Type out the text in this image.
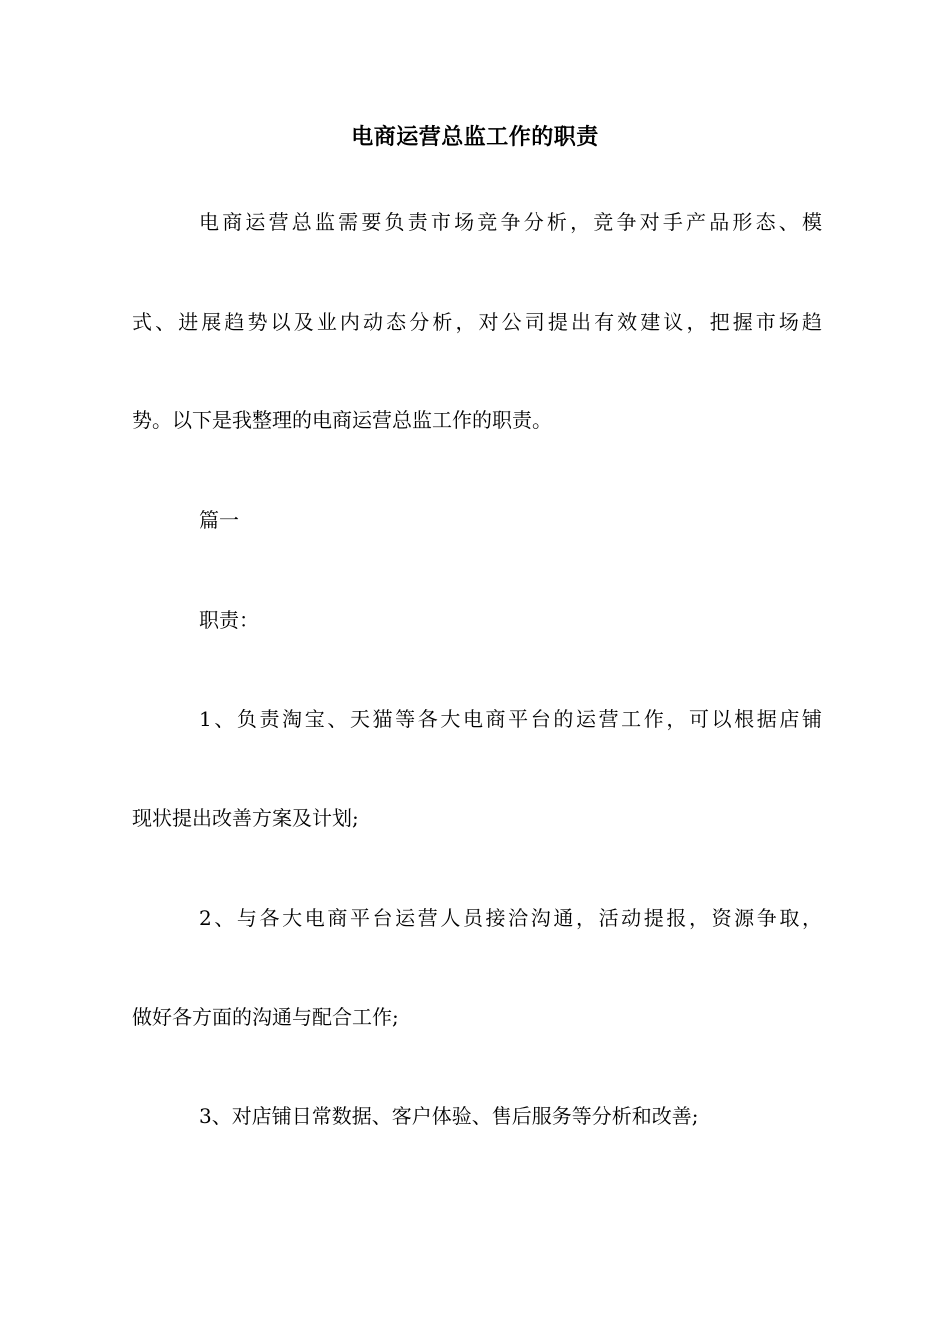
电商运营总监工作的职责
电商运营总监需要负责市场竞争分析，竞争对手产品形态、模
式、进展趋势以及业内动态分析，对公司提出有效建议，把握市场趋
势。以下是我整理的电商运营总监工作的职责。
篇一
职责：
1、负责淘宝、天猫等各大电商平台的运营工作，可以根据店铺
现状提出改善方案及计划;
2、与各大电商平台运营人员接洽沟通，活动提报，资源争取，
做好各方面的沟通与配合工作;
3、对店铺日常数据、客户体验、售后服务等分析和改善;
